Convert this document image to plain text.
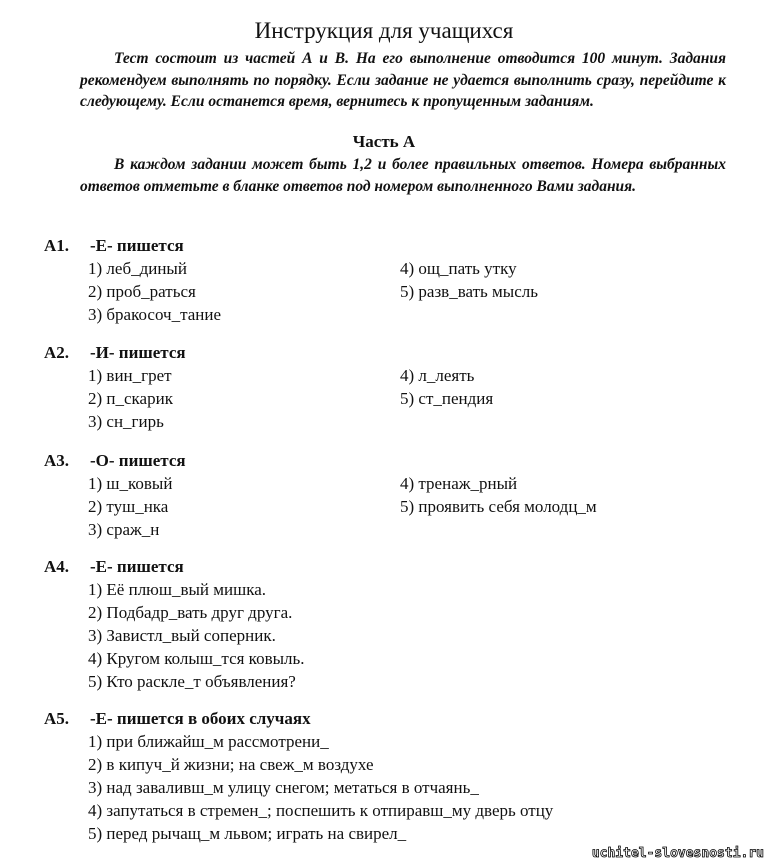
Инструкция для учащихся
Тест состоит из частей А и В. На его выполнение отводится 100 минут. Задания рекомендуем выполнять по порядку. Если задание не удается выполнить сразу, перейдите к следующему. Если останется время, вернитесь к пропущенным заданиям.
Часть А
В каждом задании может быть 1,2 и более правильных ответов. Номера выбранных ответов отметьте в бланке ответов под номером выполненного Вами задания.
А1. -Е- пишется
1) леб_диный
2) проб_раться
3) бракосоч_тание
4) ощ_пать утку
5) разв_вать мысль
А2. -И- пишется
1) вин_грет
2) п_скарик
3) сн_гирь
4) л_леять
5) ст_пендия
А3. -О- пишется
1) ш_ковый
2) туш_нка
3) сраж_н
4) тренаж_рный
5) проявить себя молодц_м
А4. -Е- пишется
1) Её плюш_вый мишка.
2) Подбадр_вать друг друга.
3) Завистл_вый соперник.
4) Кругом колыш_тся ковыль.
5) Кто раскле_т объявления?
А5. -Е- пишется в обоих случаях
1) при ближайш_м рассмотрени_
2) в кипуч_й жизни; на свеж_м воздухе
3) над заваливш_м улицу снегом; метаться в отчаянь_
4) запутаться в стремен_; поспешить к отпиравш_му дверь отцу
5) перед рычащ_м львом; играть на свирел_
uchitel-slovesnosti.ru
